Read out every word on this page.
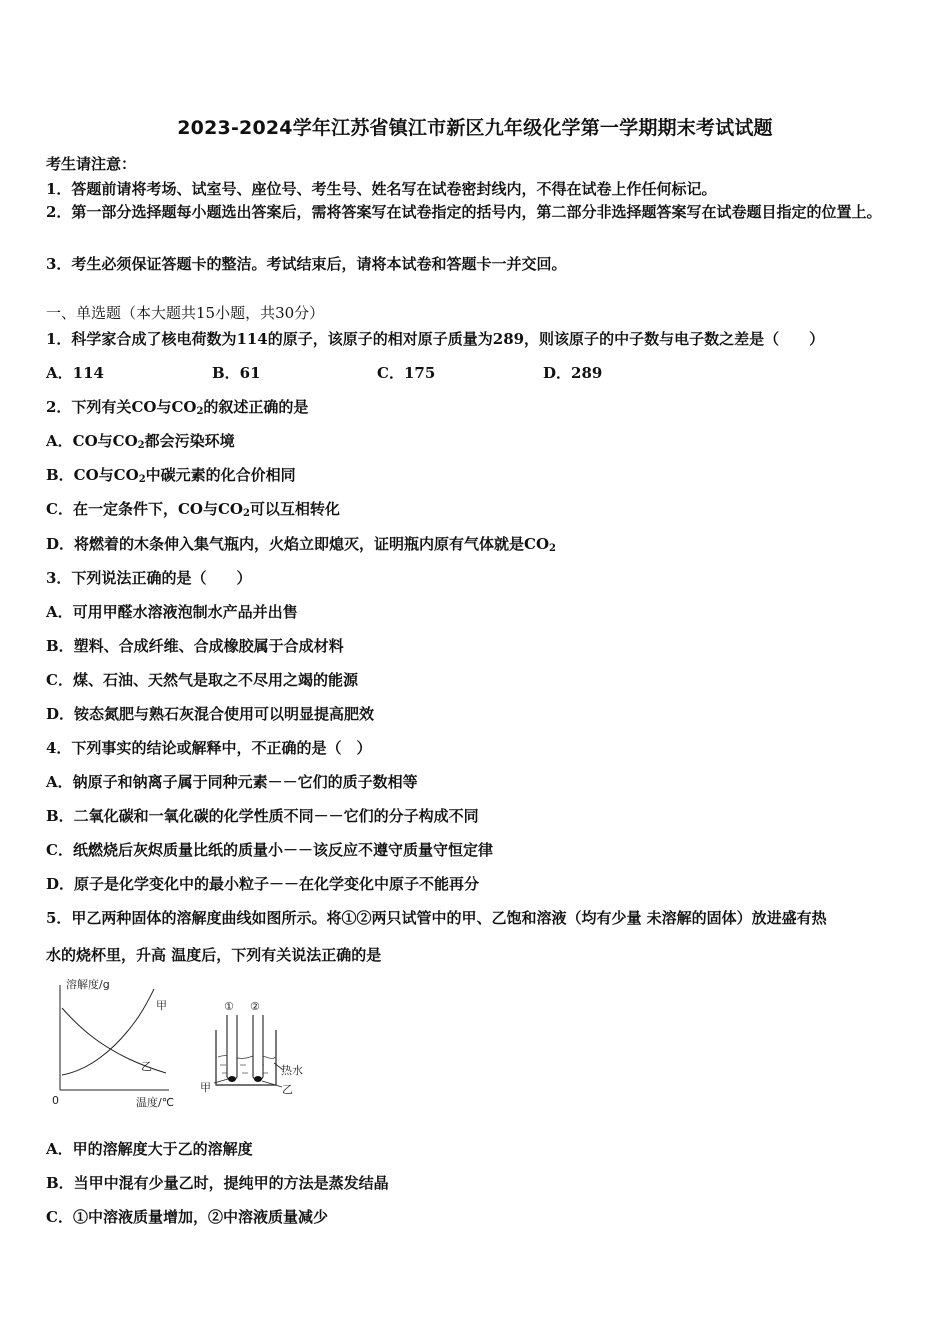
2023-2024学年江苏省镇江市新区九年级化学第一学期期末考试试题
考生请注意：
1．答题前请将考场、试室号、座位号、考生号、姓名写在试卷密封线内，不得在试卷上作任何标记。
2．第一部分选择题每小题选出答案后，需将答案写在试卷指定的括号内，第二部分非选择题答案写在试卷题目指定的位置上。
3．考生必须保证答题卡的整洁。考试结束后，请将本试卷和答题卡一并交回。
一、单选题（本大题共15小题，共30分）
1．科学家合成了核电荷数为114的原子，该原子的相对原子质量为289，则该原子的中子数与电子数之差是（　　）
A．114	B．61	C．175	D．289
2．下列有关CO与$CO_2$的叙述正确的是
A．CO与$CO_2$都会污染环境
B．CO与$CO_2$中碳元素的化合价相同
C．在一定条件下，CO与$CO_2$可以互相转化
D．将燃着的木条伸入集气瓶内，火焰立即熄灭，证明瓶内原有气体就是$CO_2$
3．下列说法正确的是（　　）
A．可用甲醛水溶液泡制水产品并出售
B．塑料、合成纤维、合成橡胶属于合成材料
C．煤、石油、天然气是取之不尽用之竭的能源
D．铵态氮肥与熟石灰混合使用可以明显提高肥效
4．下列事实的结论或解释中，不正确的是（　）
A．钠原子和钠离子属于同种元素－－它们的质子数相等
B．二氧化碳和一氧化碳的化学性质不同－－它们的分子构成不同
C．纸燃烧后灰烬质量比纸的质量小－－该反应不遵守质量守恒定律
D．原子是化学变化中的最小粒子－－在化学变化中原子不能再分
5．甲乙两种固体的溶解度曲线如图所示。将①②两只试管中的甲、乙饱和溶液（均有少量 未溶解的固体）放进盛有热
水的烧杯里，升高 温度后，下列有关说法正确的是
溶解度/g
温度/℃
0
甲
乙
① ②
热水
乙
甲
A．甲的溶解度大于乙的溶解度
B．当甲中混有少量乙时，提纯甲的方法是蒸发结晶
C．①中溶液质量增加，②中溶液质量减少
